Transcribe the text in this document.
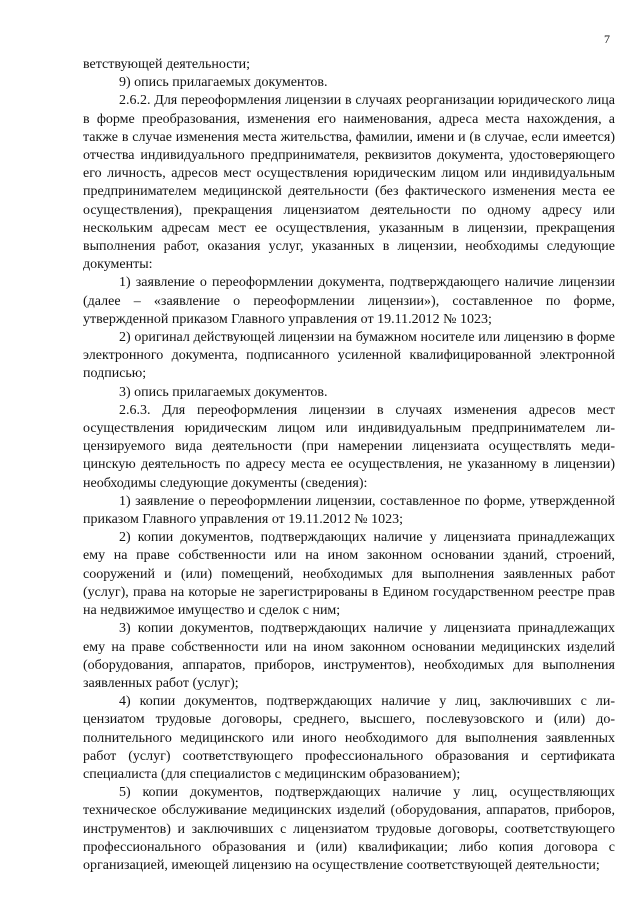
7

ветствующей деятельности;

9) опись прилагаемых документов.

2.6.2. Для переоформления лицензии в случаях реорганизации юридического лица в форме преобразования, изменения его наименования, адреса места нахождения, а также в случае изменения места жительства, фамилии, имени и (в случае, если имеется) отчества индивидуального предпринимателя, реквизитов документа, удостоверяющего его личность, адресов мест осуществления юридическим лицом или индивидуальным предпринимателем медицинской деятельности (без фактического изменения места ее осуществления), прекращения лицензиатом деятельности по одному адресу или нескольким адресам мест ее осуществления, указанным в лицензии, прекращения выполнения работ, оказания услуг, указанных в лицензии, необходимы следующие документы:

1) заявление о переоформлении документа, подтверждающего наличие лицензии (далее – «заявление о переоформлении лицензии»), составленное по форме, утвержденной приказом Главного управления от 19.11.2012 № 1023;

2) оригинал действующей лицензии на бумажном носителе или лицензию в форме электронного документа, подписанного усиленной квалифицированной электронной подписью;

3) опись прилагаемых документов.

2.6.3. Для переоформления лицензии в случаях изменения адресов мест осуществления юридическим лицом или индивидуальным предпринимателем лицензируемого вида деятельности (при намерении лицензиата осуществлять медицинскую деятельность по адресу места ее осуществления, не указанному в лицензии) необходимы следующие документы (сведения):

1) заявление о переоформлении лицензии, составленное по форме, утвержденной приказом Главного управления от 19.11.2012 № 1023;

2) копии документов, подтверждающих наличие у лицензиата принадлежащих ему на праве собственности или на ином законном основании зданий, строений, сооружений и (или) помещений, необходимых для выполнения заявленных работ (услуг), права на которые не зарегистрированы в Едином государственном реестре прав на недвижимое имущество и сделок с ним;

3) копии документов, подтверждающих наличие у лицензиата принадлежащих ему на праве собственности или на ином законном основании медицинских изделий (оборудования, аппаратов, приборов, инструментов), необходимых для выполнения заявленных работ (услуг);

4) копии документов, подтверждающих наличие у лиц, заключивших с лицензиатом трудовые договоры, среднего, высшего, послевузовского и (или) дополнительного медицинского или иного необходимого для выполнения заявленных работ (услуг) соответствующего профессионального образования и сертификата специалиста (для специалистов с медицинским образованием);

5) копии документов, подтверждающих наличие у лиц, осуществляющих техническое обслуживание медицинских изделий (оборудования, аппаратов, приборов, инструментов) и заключивших с лицензиатом трудовые договоры, соответствующего профессионального образования и (или) квалификации; либо копия договора с организацией, имеющей лицензию на осуществление соответствующей деятельности;
